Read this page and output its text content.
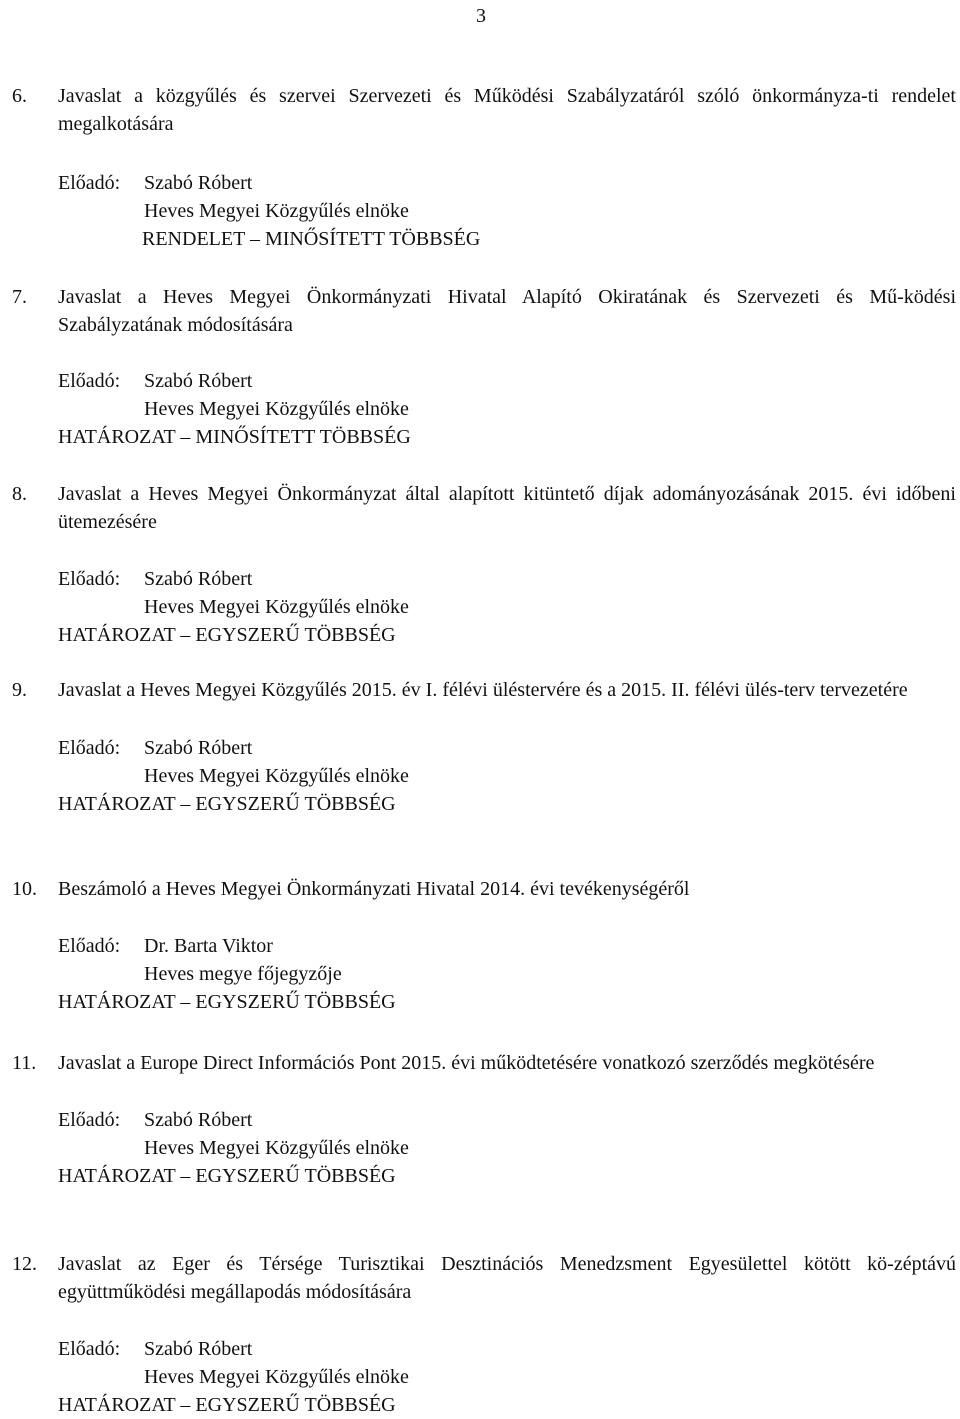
3
6. Javaslat a közgyűlés és szervei Szervezeti és Működési Szabályzatáról szóló önkormányza-ti rendelet megalkotására
Előadó: Szabó Róbert
Heves Megyei Közgyűlés elnöke
RENDELET – MINŐSÍTETT TÖBBSÉG
7. Javaslat a Heves Megyei Önkormányzati Hivatal Alapító Okiratának és Szervezeti és Mű-ködési Szabályzatának módosítására
Előadó: Szabó Róbert
Heves Megyei Közgyűlés elnöke
HATÁROZAT – MINŐSÍTETT TÖBBSÉG
8. Javaslat a Heves Megyei Önkormányzat által alapított kitüntető díjak adományozásának 2015. évi időbeni ütemezésére
Előadó: Szabó Róbert
Heves Megyei Közgyűlés elnöke
HATÁROZAT – EGYSZERŰ TÖBBSÉG
9. Javaslat a Heves Megyei Közgyűlés 2015. év I. félévi üléstervére és a 2015. II. félévi ülés-terv tervezetére
Előadó: Szabó Róbert
Heves Megyei Közgyűlés elnöke
HATÁROZAT – EGYSZERŰ TÖBBSÉG
10. Beszámoló a Heves Megyei Önkormányzati Hivatal 2014. évi tevékenységéről
Előadó: Dr. Barta Viktor
Heves megye főjegyzője
HATÁROZAT – EGYSZERŰ TÖBBSÉG
11. Javaslat a Europe Direct Információs Pont 2015. évi működtetésére vonatkozó szerződés megkötésére
Előadó: Szabó Róbert
Heves Megyei Közgyűlés elnöke
HATÁROZAT – EGYSZERŰ TÖBBSÉG
12. Javaslat az Eger és Térsége Turisztikai Desztinációs Menedzsment Egyesülettel kötött kö-zéptávú együttműködési megállapodás módosítására
Előadó: Szabó Róbert
Heves Megyei Közgyűlés elnöke
HATÁROZAT – EGYSZERŰ TÖBBSÉG
